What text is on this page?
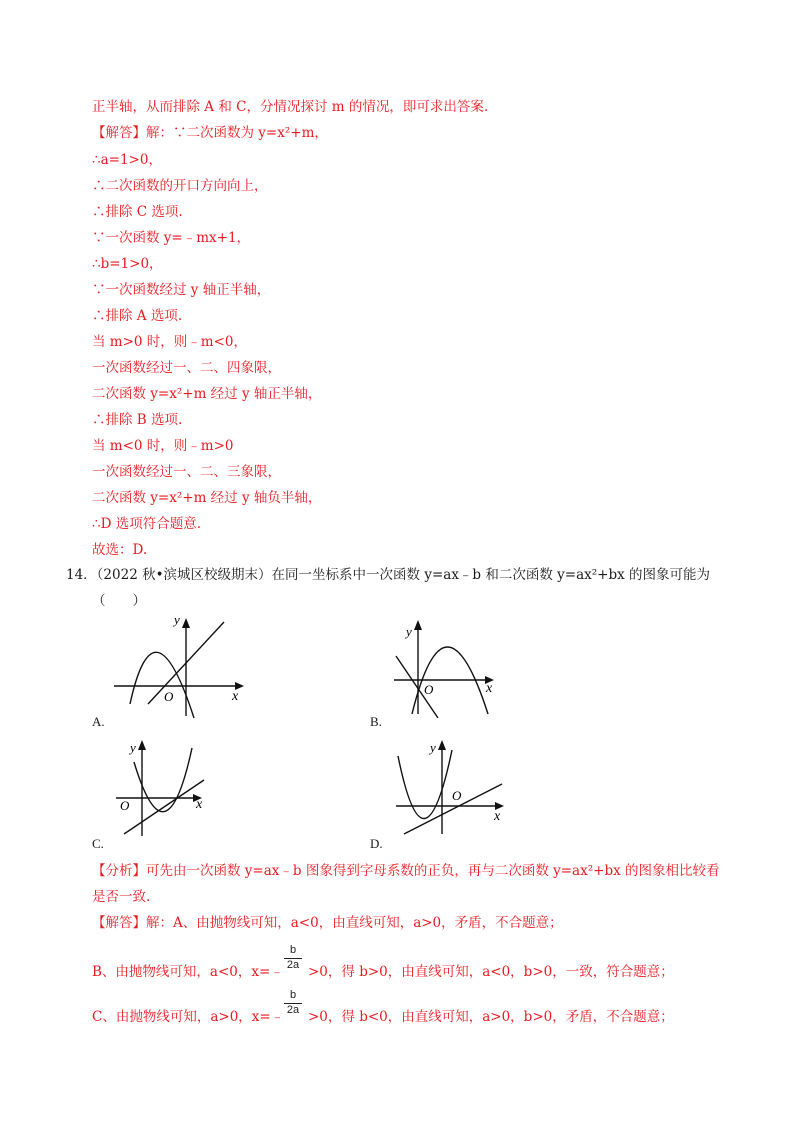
正半轴，从而排除 A 和 C，分情况探讨 m 的情况，即可求出答案.
【解答】解：∵二次函数为 y=x²+m，
∴a=1>0，
∴二次函数的开口方向向上，
∴排除 C 选项.
∵一次函数 y=﹣mx+1，
∴b=1>0，
∵一次函数经过 y 轴正半轴，
∴排除 A 选项.
当 m>0 时，则﹣m<0，
一次函数经过一、二、四象限，
二次函数 y=x²+m 经过 y 轴正半轴，
∴排除 B 选项.
当 m<0 时，则﹣m>0
一次函数经过一、二、三象限，
二次函数 y=x²+m 经过 y 轴负半轴，
∴D 选项符合题意.
故选：D.
14．（2022 秋•滨城区校级期末）在同一坐标系中一次函数 y=ax﹣b 和二次函数 y=ax²+bx 的图象可能为
（　　）
y
x
O
A.
y
x
O
B.
y
x
O
C.
y
x
O
D.
【分析】可先由一次函数 y=ax﹣b 图象得到字母系数的正负，再与二次函数 y=ax²+bx 的图象相比较看
是否一致.
【解答】解：A、由抛物线可知，a<0，由直线可知，a>0，矛盾，不合题意；
B、由抛物线可知，a<0，x=﹣
b
2a >0，得 b>0，由直线可知，a<0，b>0，一致，符合题意；
C、由抛物线可知，a>0，x=﹣
b
2a >0，得 b<0，由直线可知，a>0，b>0，矛盾，不合题意；
